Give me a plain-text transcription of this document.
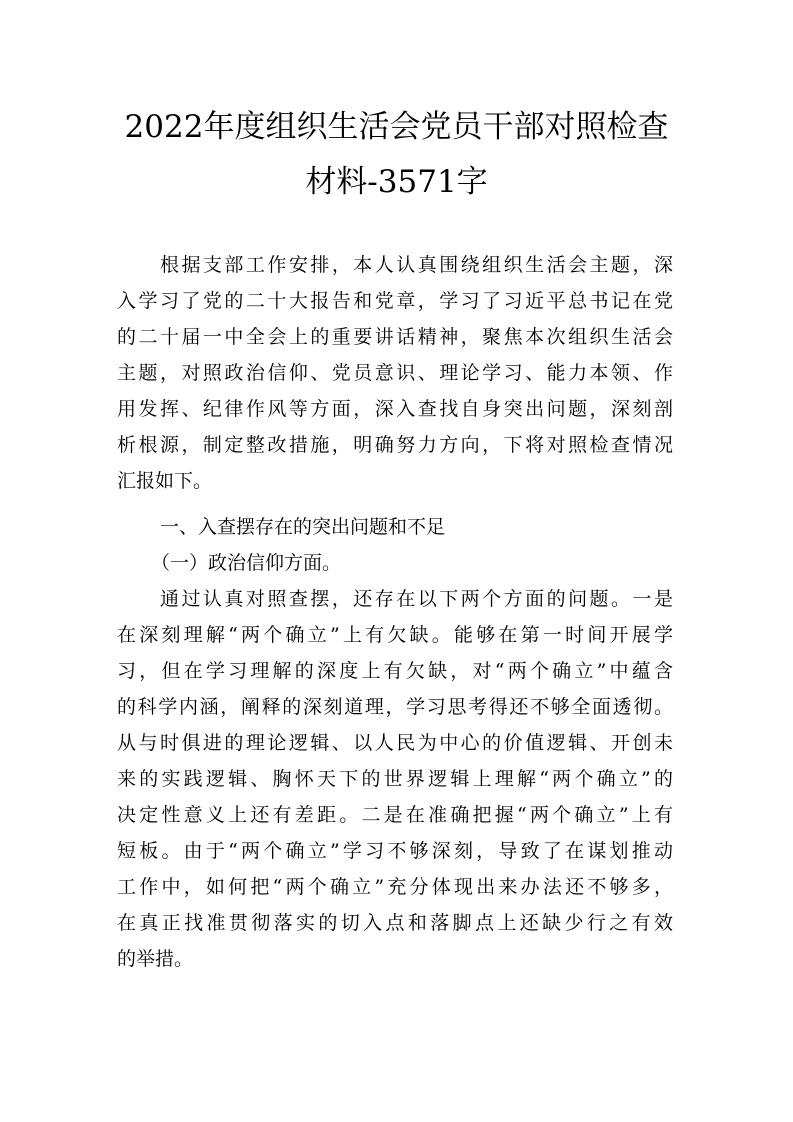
2022年度组织生活会党员干部对照检查
材料-3571字
根据支部工作安排，本人认真围绕组织生活会主题，深
入学习了党的二十大报告和党章，学习了习近平总书记在党
的二十届一中全会上的重要讲话精神，聚焦本次组织生活会
主题，对照政治信仰、党员意识、理论学习、能力本领、作
用发挥、纪律作风等方面，深入查找自身突出问题，深刻剖
析根源，制定整改措施，明确努力方向，下将对照检查情况
汇报如下。
一、入查摆存在的突出问题和不足
（一）政治信仰方面。
通过认真对照查摆，还存在以下两个方面的问题。一是
在深刻理解“两个确立”上有欠缺。能够在第一时间开展学
习，但在学习理解的深度上有欠缺，对“两个确立”中蕴含
的科学内涵，阐释的深刻道理，学习思考得还不够全面透彻。
从与时俱进的理论逻辑、以人民为中心的价值逻辑、开创未
来的实践逻辑、胸怀天下的世界逻辑上理解“两个确立”的
决定性意义上还有差距。二是在准确把握“两个确立”上有
短板。由于“两个确立”学习不够深刻，导致了在谋划推动
工作中，如何把“两个确立”充分体现出来办法还不够多，
在真正找准贯彻落实的切入点和落脚点上还缺少行之有效
的举措。
